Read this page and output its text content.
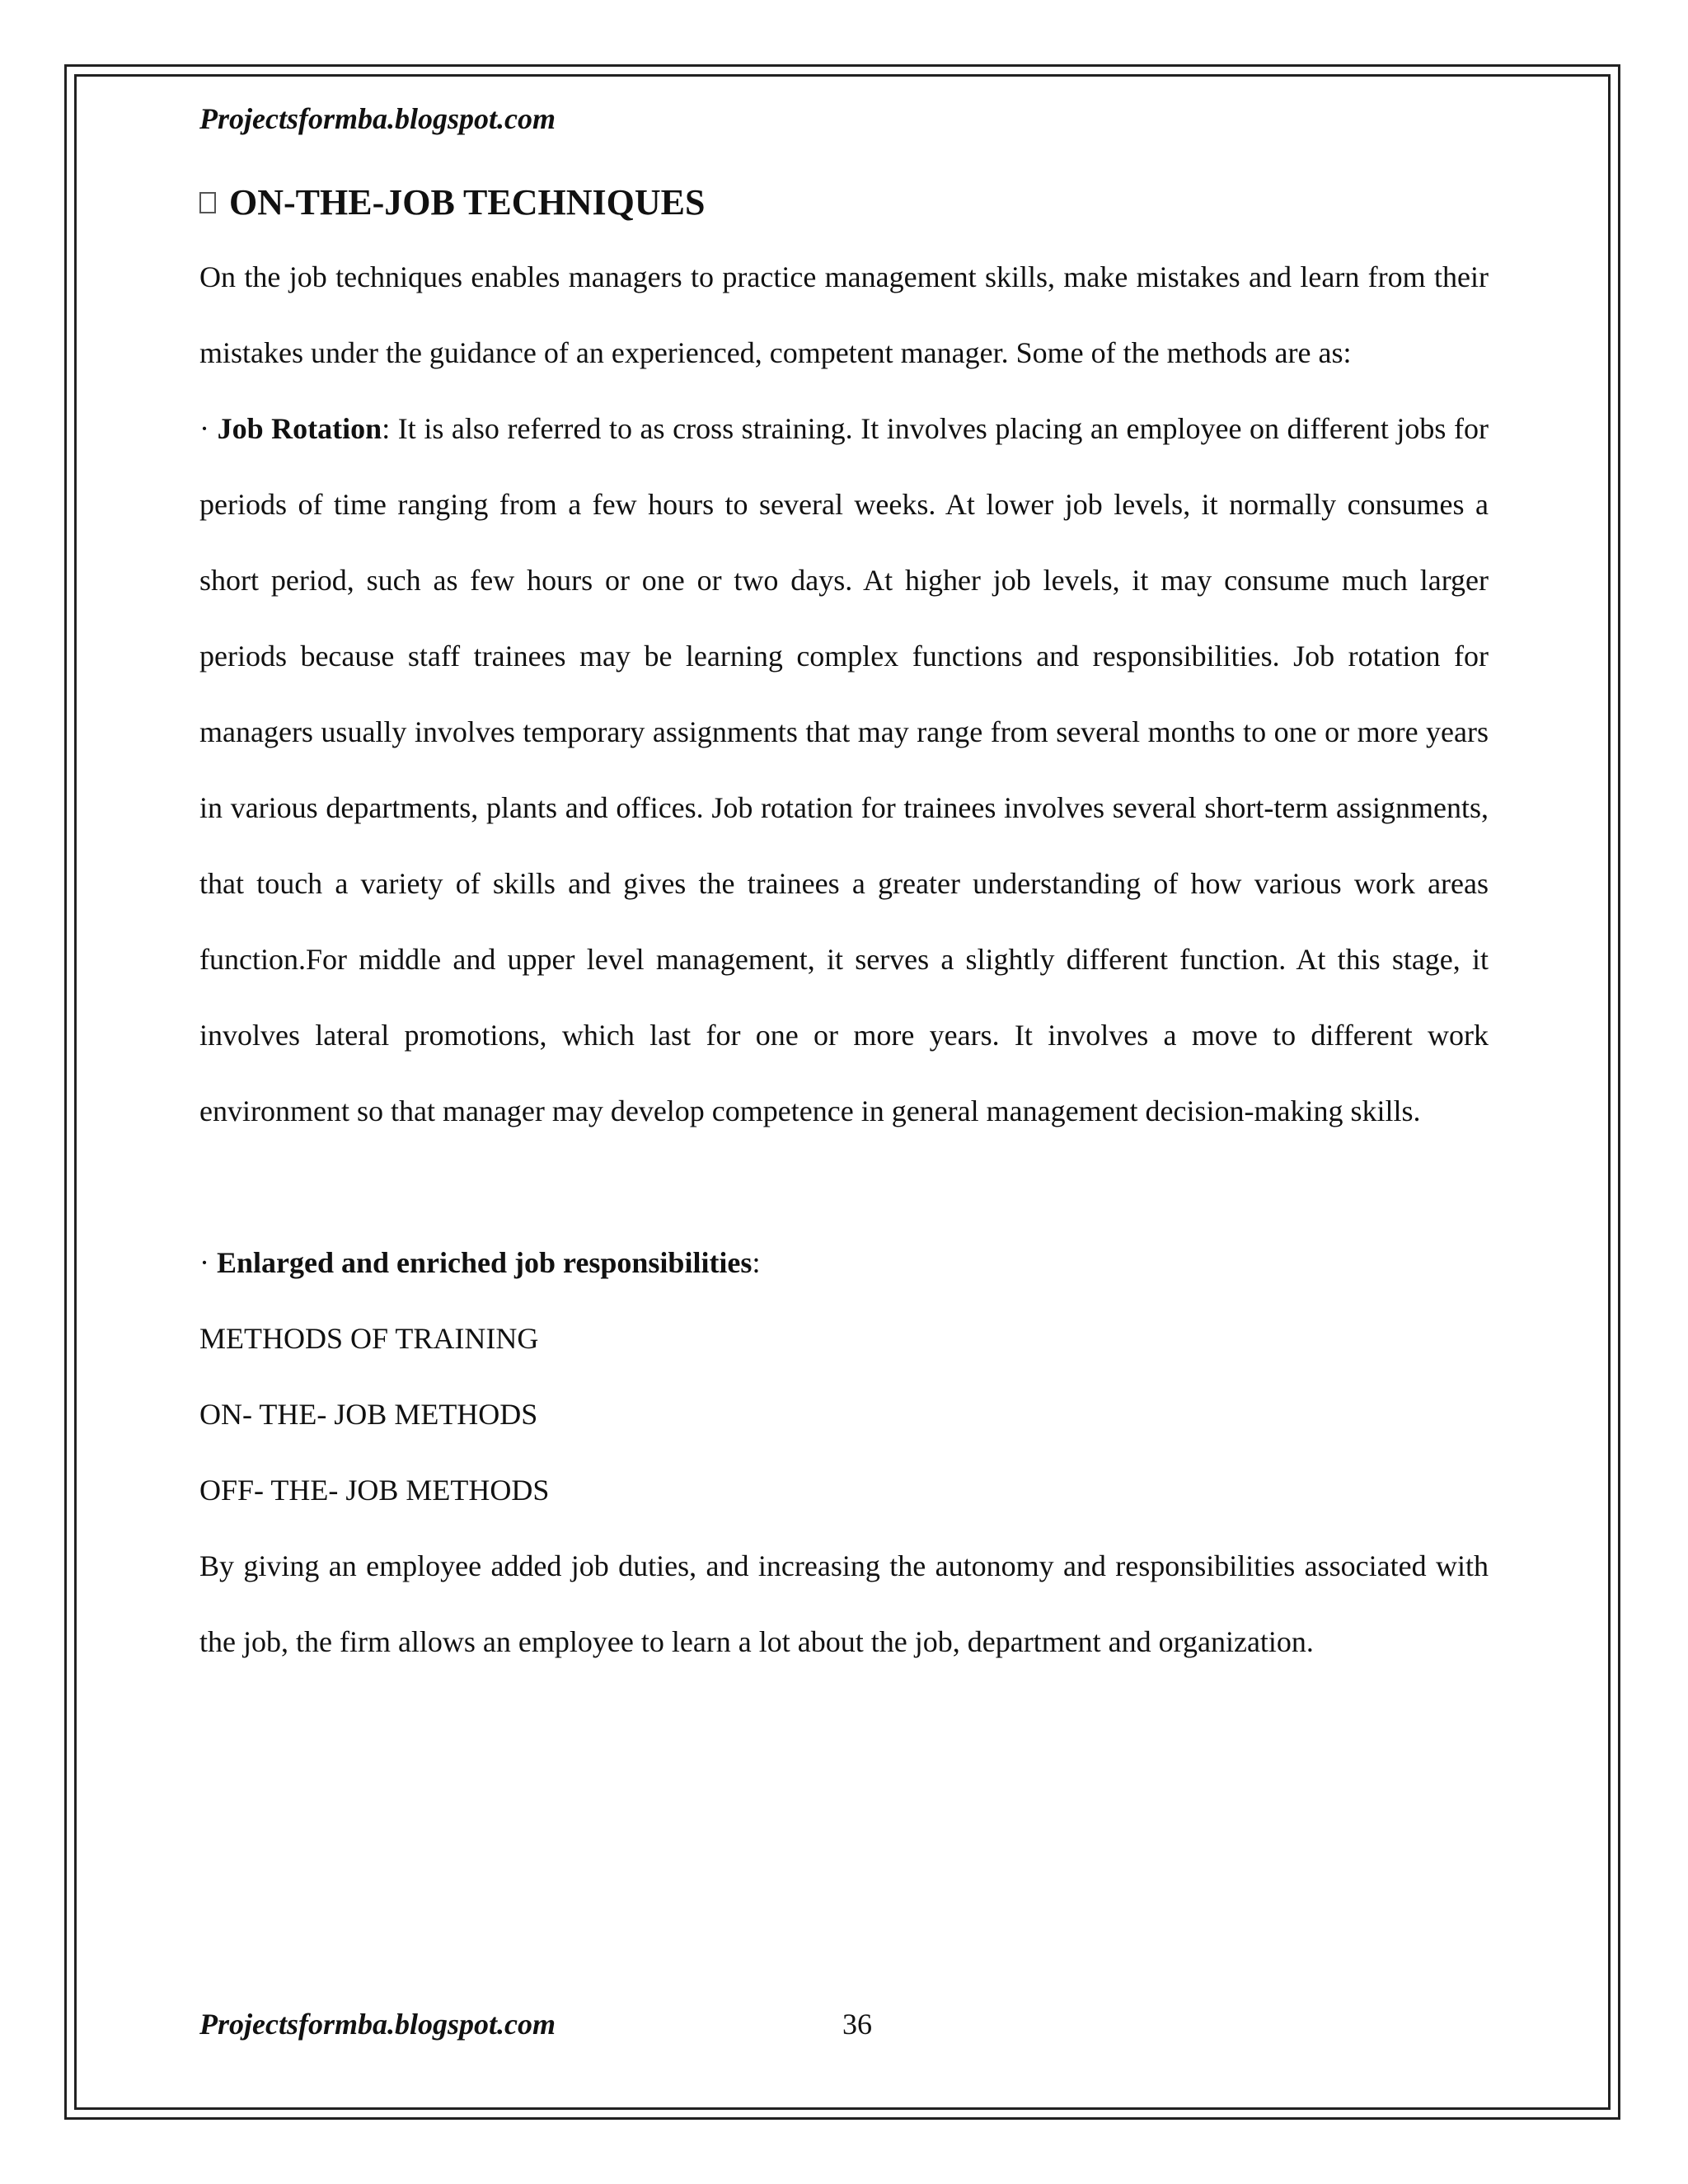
Projectsformba.blogspot.com

ON-THE-JOB TECHNIQUES

On the job techniques enables managers to practice management skills, make mistakes and learn from their mistakes under the guidance of an experienced, competent manager. Some of the methods are as:

· Job Rotation: It is also referred to as cross straining. It involves placing an employee on different jobs for periods of time ranging from a few hours to several weeks. At lower job levels, it normally consumes a short period, such as few hours or one or two days. At higher job levels, it may consume much larger periods because staff trainees may be learning complex functions and responsibilities. Job rotation for managers usually involves temporary assignments that may range from several months to one or more years in various departments, plants and offices. Job rotation for trainees involves several short-term assignments, that touch a variety of skills and gives the trainees a greater understanding of how various work areas function.For middle and upper level management, it serves a slightly different function. At this stage, it involves lateral promotions, which last for one or more years. It involves a move to different work environment so that manager may develop competence in general management decision-making skills.

· Enlarged and enriched job responsibilities:

METHODS OF TRAINING

ON- THE- JOB METHODS

OFF- THE- JOB METHODS

By giving an employee added job duties, and increasing the autonomy and responsibilities associated with the job, the firm allows an employee to learn a lot about the job, department and organization.

Projectsformba.blogspot.com	36
